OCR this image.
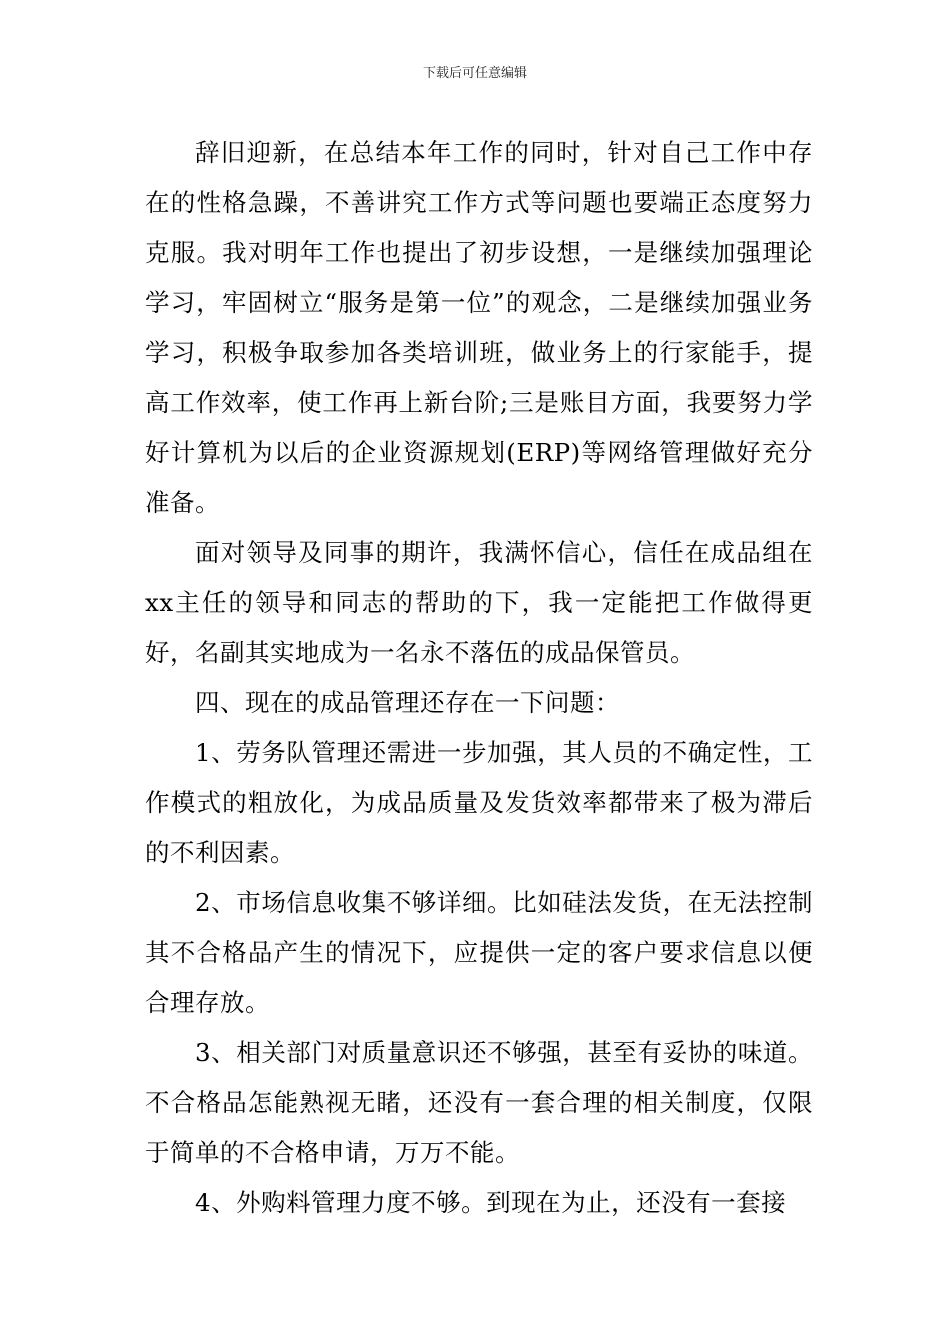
下载后可任意编辑

辞旧迎新，在总结本年工作的同时，针对自己工作中存在的性格急躁，不善讲究工作方式等问题也要端正态度努力克服。我对明年工作也提出了初步设想，一是继续加强理论学习，牢固树立“服务是第一位”的观念，二是继续加强业务学习，积极争取参加各类培训班，做业务上的行家能手，提高工作效率，使工作再上新台阶;三是账目方面，我要努力学好计算机为以后的企业资源规划(ERP)等网络管理做好充分准备。

面对领导及同事的期许，我满怀信心，信任在成品组在xx主任的领导和同志的帮助的下，我一定能把工作做得更好，名副其实地成为一名永不落伍的成品保管员。

四、现在的成品管理还存在一下问题：

1、劳务队管理还需进一步加强，其人员的不确定性，工作模式的粗放化，为成品质量及发货效率都带来了极为滞后的不利因素。

2、市场信息收集不够详细。比如硅法发货，在无法控制其不合格品产生的情况下，应提供一定的客户要求信息以便合理存放。

3、相关部门对质量意识还不够强，甚至有妥协的味道。不合格品怎能熟视无睹，还没有一套合理的相关制度，仅限于简单的不合格申请，万万不能。

4、外购料管理力度不够。到现在为止，还没有一套接
